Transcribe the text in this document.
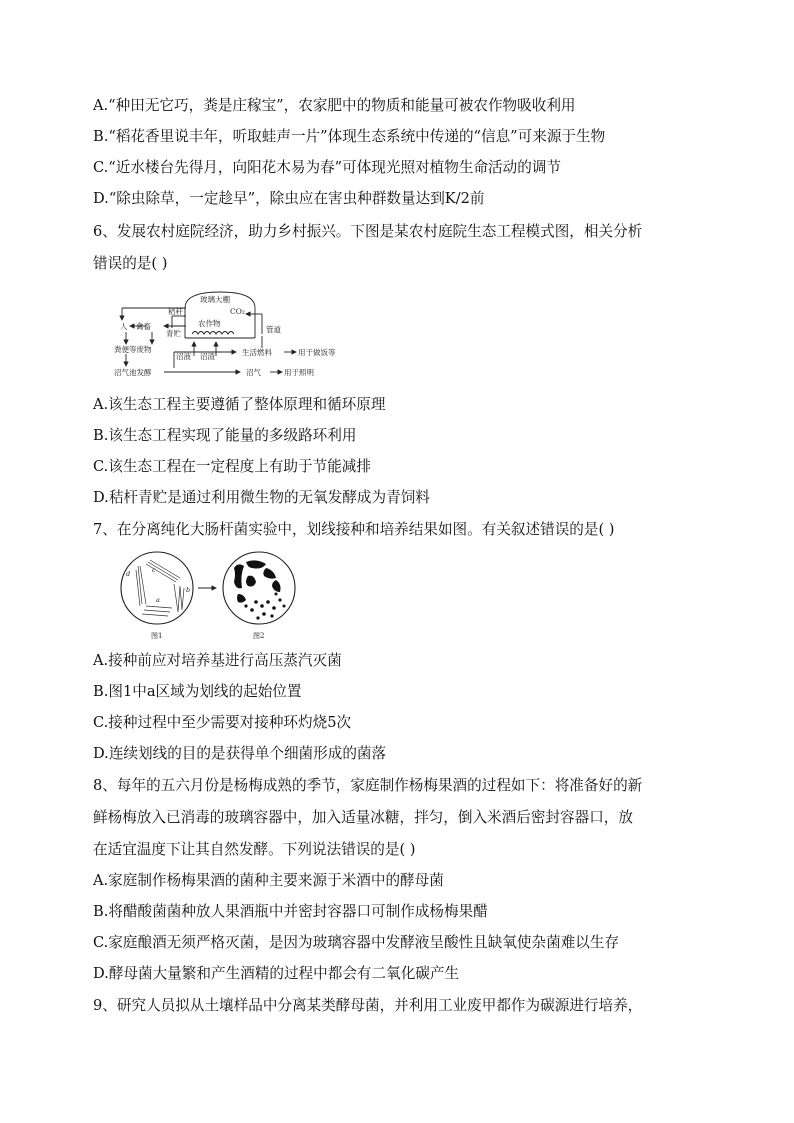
A.“种田无它巧，粪是庄稼宝”，农家肥中的物质和能量可被农作物吸收利用
B.“稻花香里说丰年，听取蛙声一片”体现生态系统中传递的“信息”可来源于生物
C.“近水楼台先得月，向阳花木易为春”可体现光照对植物生命活动的调节
D.“除虫除草，一定趁早”，除虫应在害虫种群数量达到K/2前
6、发展农村庭院经济，助力乡村振兴。下图是某农村庭院生态工程模式图，相关分析
错误的是( )
玻璃大棚
CO₂
农作物
秸秆
青贮
人 禽畜	管道
粪便等废物
沼液 沼渣	生活燃料	用于做饭等
沼气池发酵	沼气	用于照明
A.该生态工程主要遵循了整体原理和循环原理
B.该生态工程实现了能量的多级路环利用
C.该生态工程在一定程度上有助于节能减排
D.秸杆青贮是通过利用微生物的无氧发酵成为青饲料
7、在分离纯化大肠杆菌实验中，划线接种和培养结果如图。有关叙述错误的是( )
d	c
b
a
图1	图2
A.接种前应对培养基进行高压蒸汽灭菌
B.图1中a区域为划线的起始位置
C.接种过程中至少需要对接种环灼烧5次
D.连续划线的目的是获得单个细菌形成的菌落
8、每年的五六月份是杨梅成熟的季节，家庭制作杨梅果酒的过程如下：将准备好的新
鲜杨梅放入已消毒的玻璃容器中，加入适量冰糖，拌匀，倒入米酒后密封容器口，放
在适宜温度下让其自然发酵。下列说法错误的是( )
A.家庭制作杨梅果酒的菌种主要来源于米酒中的酵母菌
B.将醋酸菌菌种放人果酒瓶中并密封容器口可制作成杨梅果醋
C.家庭酿酒无须严格灭菌，是因为玻璃容器中发酵液呈酸性且缺氧使杂菌难以生存
D.酵母菌大量繁和产生酒精的过程中都会有二氧化碳产生
9、研究人员拟从土壤样品中分离某类酵母菌，并利用工业废甲都作为碳源进行培养，
